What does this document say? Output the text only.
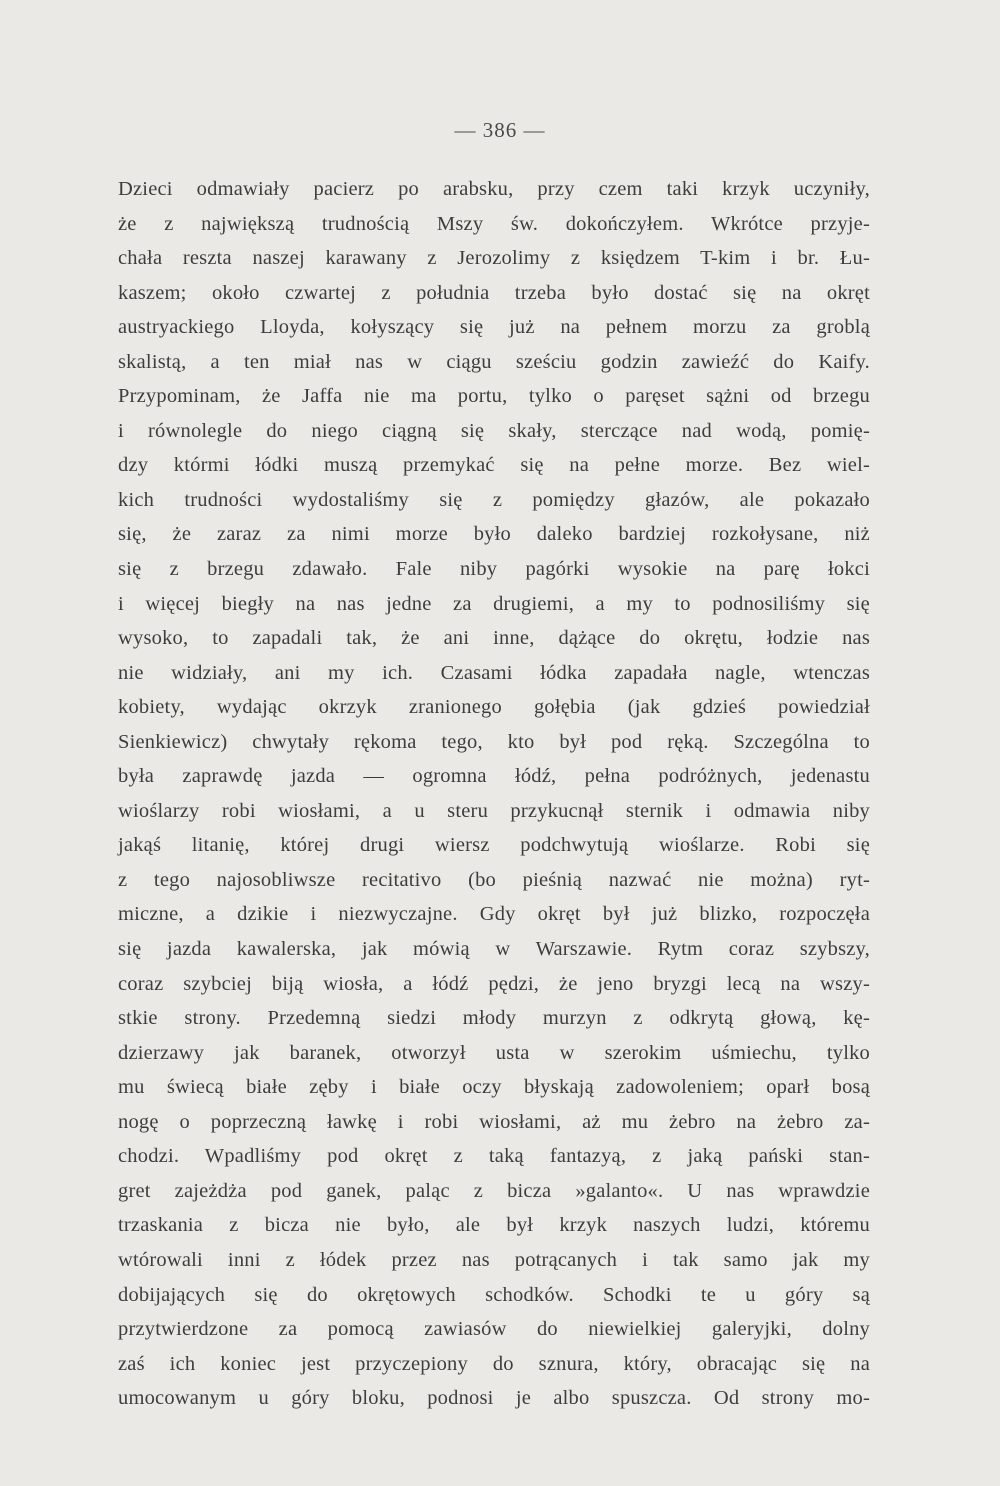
— 386 —
Dzieci odmawiały pacierz po arabsku, przy czem taki krzyk uczyniły,
że z największą trudnością Mszy św. dokończyłem. Wkrótce przyje-
chała reszta naszej karawany z Jerozolimy z księdzem T-kim i br. Łu-
kaszem; około czwartej z południa trzeba było dostać się na okręt
austryackiego Lloyda, kołyszący się już na pełnem morzu za groblą
skalistą, a ten miał nas w ciągu sześciu godzin zawieźć do Kaify.
Przypominam, że Jaffa nie ma portu, tylko o paręset sążni od brzegu
i równolegle do niego ciągną się skały, sterczące nad wodą, pomię-
dzy którmi łódki muszą przemykać się na pełne morze. Bez wiel-
kich trudności wydostaliśmy się z pomiędzy głazów, ale pokazało
się, że zaraz za nimi morze było daleko bardziej rozkołysane, niż
się z brzegu zdawało. Fale niby pagórki wysokie na parę łokci
i więcej biegły na nas jedne za drugiemi, a my to podnosiliśmy się
wysoko, to zapadali tak, że ani inne, dążące do okrętu, łodzie nas
nie widziały, ani my ich. Czasami łódka zapadała nagle, wtenczas
kobiety, wydając okrzyk zranionego gołębia (jak gdzieś powiedział
Sienkiewicz) chwytały rękoma tego, kto był pod ręką. Szczególna to
była zaprawdę jazda — ogromna łódź, pełna podróżnych, jedenastu
wioślarzy robi wiosłami, a u steru przykucnął sternik i odmawia niby
jakąś litanię, której drugi wiersz podchwytują wioślarze. Robi się
z tego najosobliwsze recitativo (bo pieśnią nazwać nie można) ryt-
miczne, a dzikie i niezwyczajne. Gdy okręt był już blizko, rozpoczęła
się jazda kawalerska, jak mówią w Warszawie. Rytm coraz szybszy,
coraz szybciej biją wiosła, a łódź pędzi, że jeno bryzgi lecą na wszy-
stkie strony. Przedemną siedzi młody murzyn z odkrytą głową, kę-
dzierzawy jak baranek, otworzył usta w szerokim uśmiechu, tylko
mu świecą białe zęby i białe oczy błyskają zadowoleniem; oparł bosą
nogę o poprzeczną ławkę i robi wiosłami, aż mu żebro na żebro za-
chodzi. Wpadliśmy pod okręt z taką fantazyą, z jaką pański stan-
gret zajeżdża pod ganek, paląc z bicza »galanto«. U nas wprawdzie
trzaskania z bicza nie było, ale był krzyk naszych ludzi, któremu
wtórowali inni z łódek przez nas potrącanych i tak samo jak my
dobijających się do okrętowych schodków. Schodki te u góry są
przytwierdzone za pomocą zawiasów do niewielkiej galeryjki, dolny
zaś ich koniec jest przyczepiony do sznura, który, obracając się na
umocowanym u góry bloku, podnosi je albo spuszcza. Od strony mo-
